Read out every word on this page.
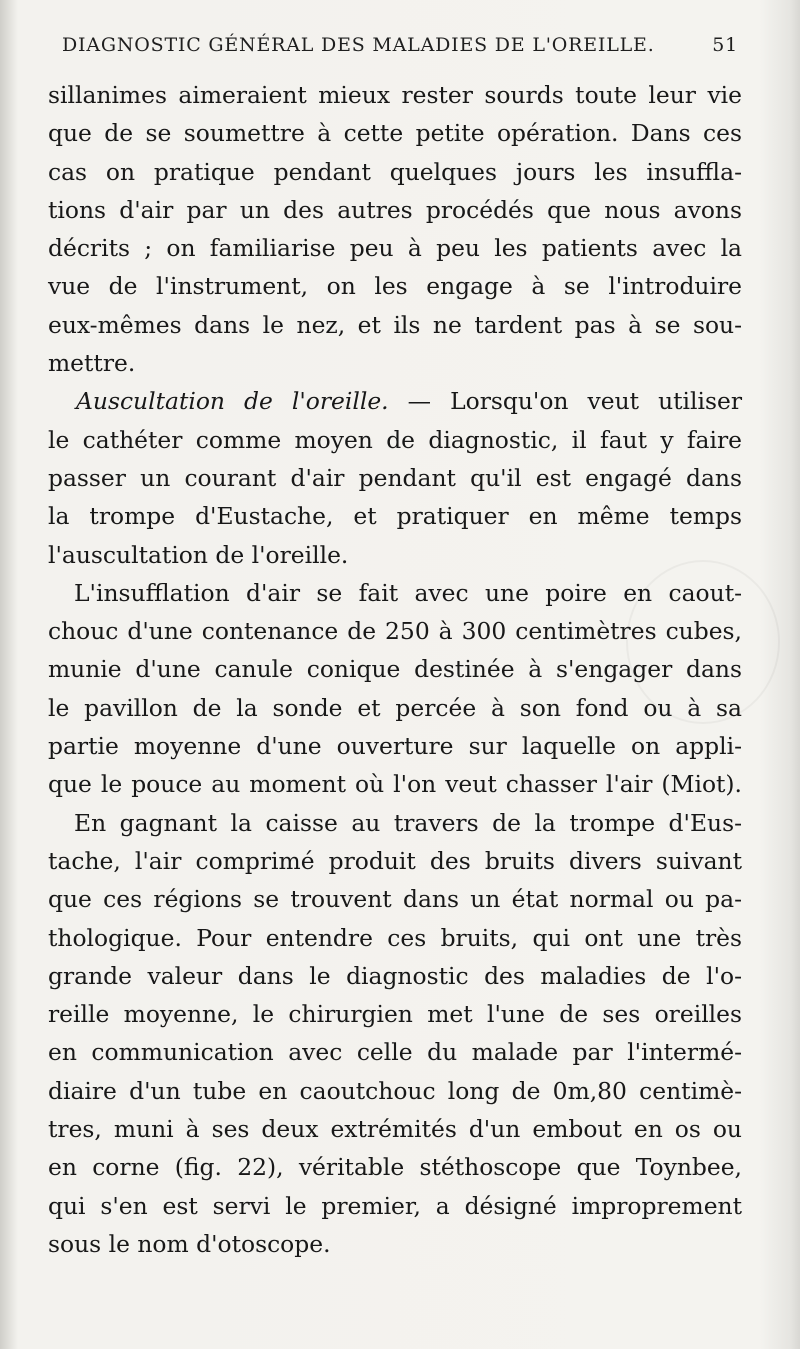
DIAGNOSTIC GÉNÉRAL DES MALADIES DE L'OREILLE.	51
sillanimes aimeraient mieux rester sourds toute leur vie
que de se soumettre à cette petite opération. Dans ces
cas on pratique pendant quelques jours les insuffla-
tions d'air par un des autres procédés que nous avons
décrits ; on familiarise peu à peu les patients avec la
vue de l'instrument, on les engage à se l'introduire
eux-mêmes dans le nez, et ils ne tardent pas à se sou-
mettre.
Auscultation de l'oreille. — Lorsqu'on veut utiliser
le cathéter comme moyen de diagnostic, il faut y faire
passer un courant d'air pendant qu'il est engagé dans
la trompe d'Eustache, et pratiquer en même temps
l'auscultation de l'oreille.
L'insufflation d'air se fait avec une poire en caout-
chouc d'une contenance de 250 à 300 centimètres cubes,
munie d'une canule conique destinée à s'engager dans
le pavillon de la sonde et percée à son fond ou à sa
partie moyenne d'une ouverture sur laquelle on appli-
que le pouce au moment où l'on veut chasser l'air (Miot).
En gagnant la caisse au travers de la trompe d'Eus-
tache, l'air comprimé produit des bruits divers suivant
que ces régions se trouvent dans un état normal ou pa-
thologique. Pour entendre ces bruits, qui ont une très
grande valeur dans le diagnostic des maladies de l'o-
reille moyenne, le chirurgien met l'une de ses oreilles
en communication avec celle du malade par l'intermé-
diaire d'un tube en caoutchouc long de 0m,80 centimè-
tres, muni à ses deux extrémités d'un embout en os ou
en corne (fig. 22), véritable stéthoscope que Toynbee,
qui s'en est servi le premier, a désigné improprement
sous le nom d'otoscope.
